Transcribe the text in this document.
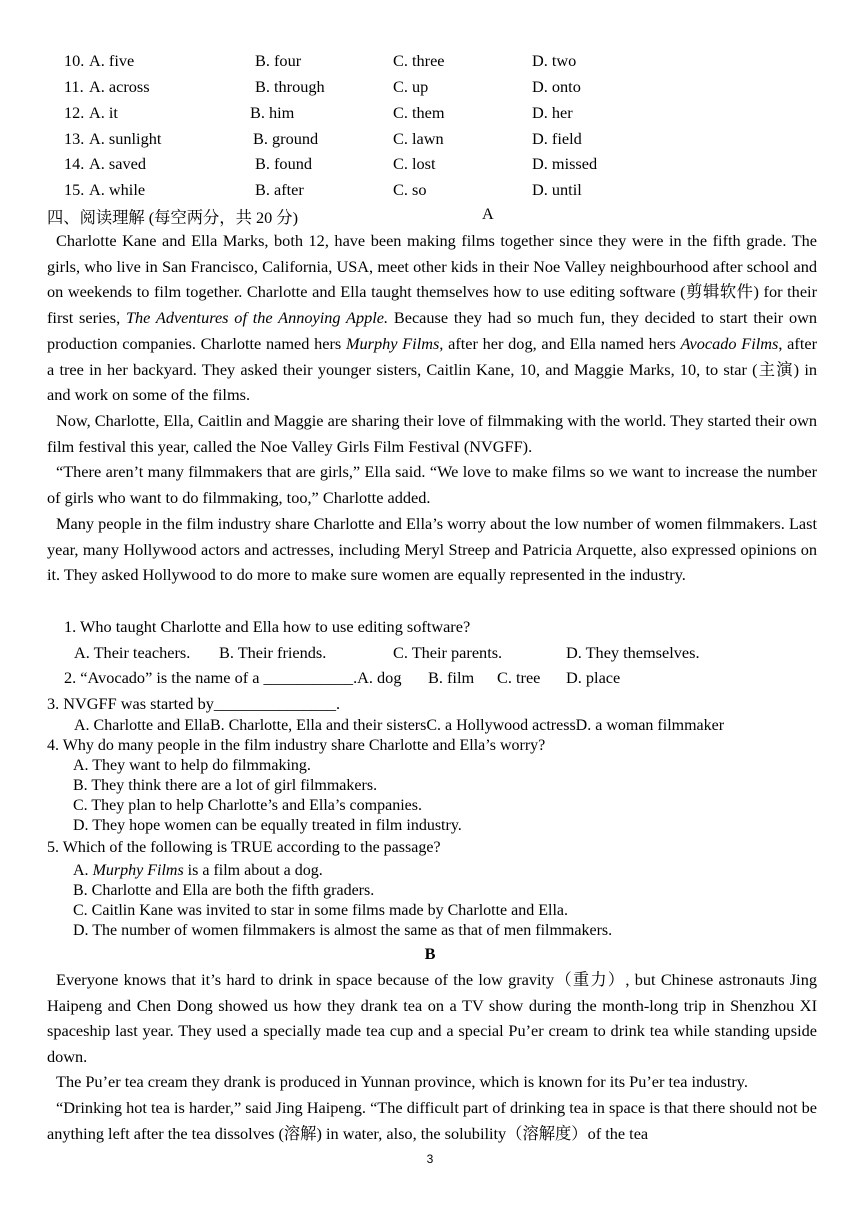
10. A. five	B. four	C. three	D. two
11. A. across	B. through	C. up	D. onto
12. A. it	B. him	C. them	D. her
13. A. sunlight	B. ground	C. lawn	D. field
14. A. saved	B. found	C. lost	D. missed
15. A. while	B. after	C. so	D. until
四、阅读理解 (每空两分，共 20 分)	A
Charlotte Kane and Ella Marks, both 12, have been making films together since they were in the fifth grade. The girls, who live in San Francisco, California, USA, meet other kids in their Noe Valley neighbourhood after school and on weekends to film together. Charlotte and Ella taught themselves how to use editing software (剪辑软件) for their first series, The Adventures of the Annoying Apple. Because they had so much fun, they decided to start their own production companies. Charlotte named hers Murphy Films, after her dog, and Ella named hers Avocado Films, after a tree in her backyard. They asked their younger sisters, Caitlin Kane, 10, and Maggie Marks, 10, to star (主演) in and work on some of the films.
Now, Charlotte, Ella, Caitlin and Maggie are sharing their love of filmmaking with the world. They started their own film festival this year, called the Noe Valley Girls Film Festival (NVGFF).
“There aren’t many filmmakers that are girls,” Ella said. “We love to make films so we want to increase the number of girls who want to do filmmaking, too,” Charlotte added.
Many people in the film industry share Charlotte and Ella’s worry about the low number of women filmmakers. Last year, many Hollywood actors and actresses, including Meryl Streep and Patricia Arquette, also expressed opinions on it. They asked Hollywood to do more to make sure women are equally represented in the industry.
1. Who taught Charlotte and Ella how to use editing software?
A. Their teachers. B. Their friends.	C. Their parents.	D. They themselves.
2. “Avocado” is the name of a ___________.A. dog B. film C. tree D. place
3. NVGFF was started by_______________.
A. Charlotte and EllaB. Charlotte, Ella and their sistersC. a Hollywood actressD. a woman filmmaker
4. Why do many people in the film industry share Charlotte and Ella’s worry?
A. They want to help do filmmaking.
B. They think there are a lot of girl filmmakers.
C. They plan to help Charlotte’s and Ella’s companies.
D. They hope women can be equally treated in film industry.
5. Which of the following is TRUE according to the passage?
A. Murphy Films is a film about a dog.
B. Charlotte and Ella are both the fifth graders.
C. Caitlin Kane was invited to star in some films made by Charlotte and Ella.
D. The number of women filmmakers is almost the same as that of men filmmakers.
B
Everyone knows that it’s hard to drink in space because of the low gravity（重力）, but Chinese astronauts Jing Haipeng and Chen Dong showed us how they drank tea on a TV show during the month-long trip in Shenzhou XI spaceship last year. They used a specially made tea cup and a special Pu’er cream to drink tea while standing upside down.
The Pu’er tea cream they drank is produced in Yunnan province, which is known for its Pu’er tea industry.
“Drinking hot tea is harder,” said Jing Haipeng. “The difficult part of drinking tea in space is that there should not be anything left after the tea dissolves (溶解) in water, also, the solubility（溶解度）of the tea
3
